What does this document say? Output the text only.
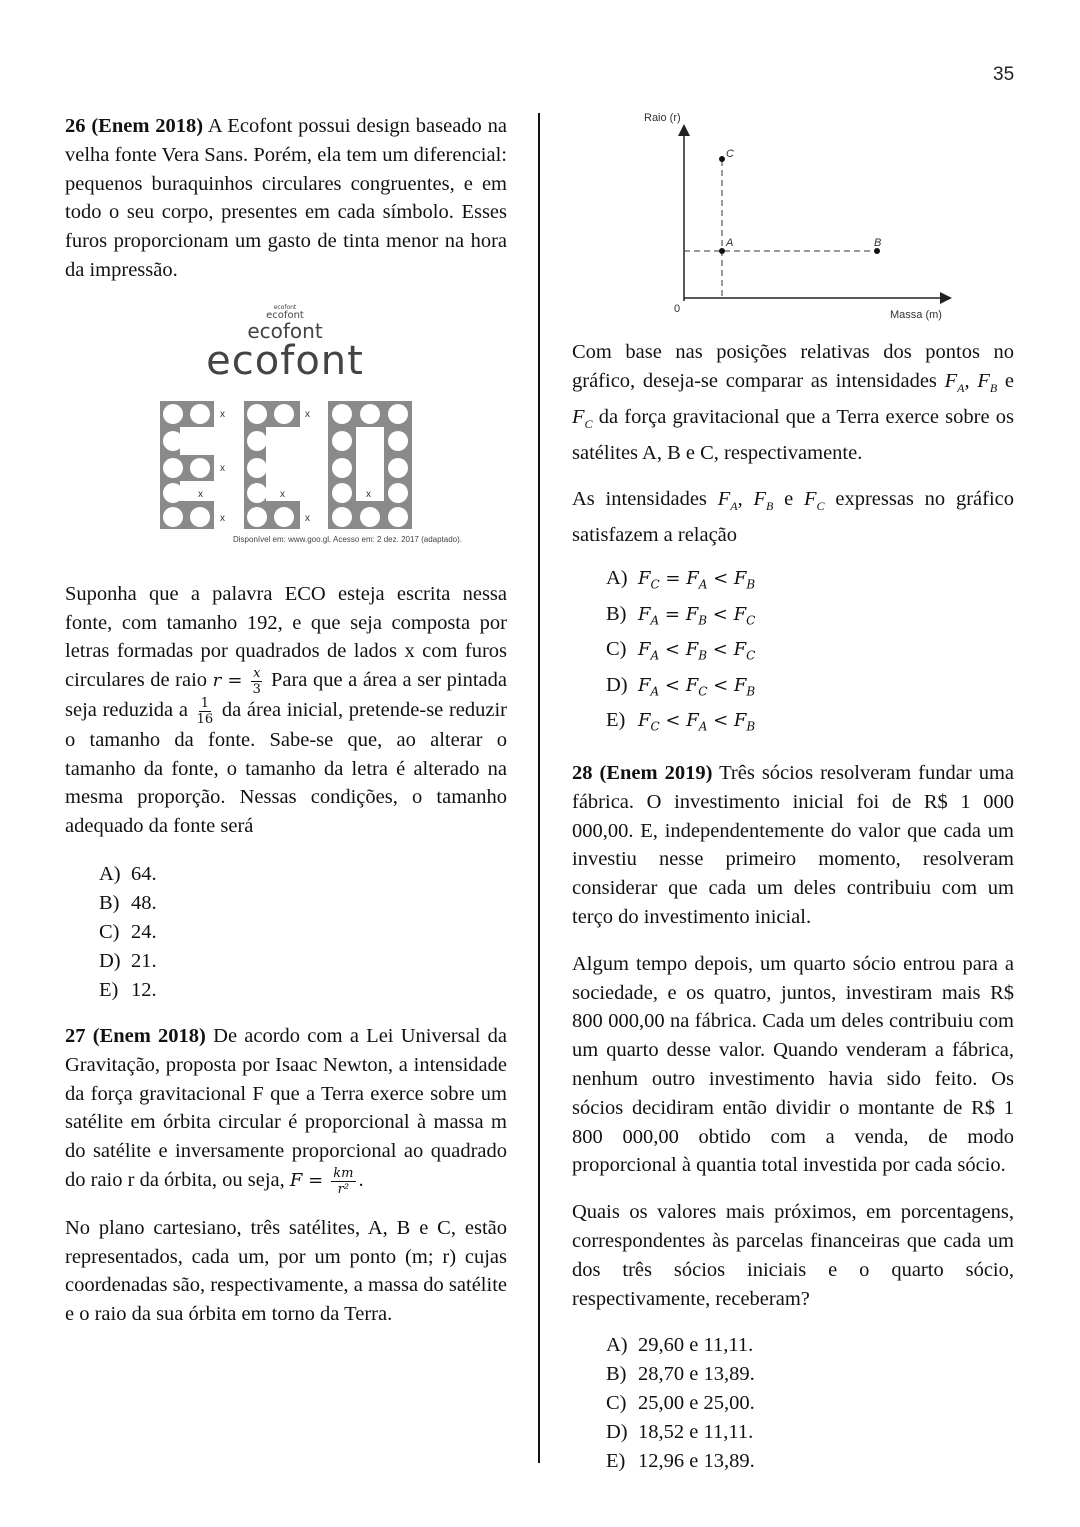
35

26 (Enem 2018) A Ecofont possui design baseado na velha fonte Vera Sans. Porém, ela tem um diferencial: pequenos buraquinhos circulares congruentes, e em todo o seu corpo, presentes em cada símbolo. Esses furos proporcionam um gasto de tinta menor na hora da impressão.

ecofont
ecofont
ecofont
ecofont
x
x
x
x
x
x
x
x
Disponível em: www.goo.gl. Acesso em: 2 dez. 2017 (adaptado).

Suponha que a palavra ECO esteja escrita nessa fonte, com tamanho 192, e que seja composta por letras formadas por quadrados de lados x com furos circulares de raio $r = \frac{x}{3}$ Para que a área a ser pintada seja reduzida a $\frac{1}{16}$ da área inicial, pretende-se reduzir o tamanho da fonte. Sabe-se que, ao alterar o tamanho da fonte, o tamanho da letra é alterado na mesma proporção. Nessas condições, o tamanho adequado da fonte será

A) 64.
B) 48.
C) 24.
D) 21.
E) 12.

27 (Enem 2018) De acordo com a Lei Universal da Gravitação, proposta por Isaac Newton, a intensidade da força gravitacional F que a Terra exerce sobre um satélite em órbita circular é proporcional à massa m do satélite e inversamente proporcional ao quadrado do raio r da órbita, ou seja, $F = \frac{km}{\text{r²}}$ .

No plano cartesiano, três satélites, A, B e C, estão representados, cada um, por um ponto (m; r) cujas coordenadas são, respectivamente, a massa do satélite e o raio da sua órbita em torno da Terra.

C
A	B
Raio (r)
0	Massa (m)

Com base nas posições relativas dos pontos no gráfico, deseja-se comparar as intensidades $F_A$, $F_B$ e $F_C$ da força gravitacional que a Terra exerce sobre os satélites A, B e C, respectivamente.

As intensidades $F_A$, $F_B$ e $F_C$ expressas no gráfico satisfazem a relação

A) $F_C = F_A < F_B$
B) $F_A = F_B < F_C$
C) $F_A < F_B < F_C$
D) $F_A < F_C < F_B$
E) $F_C < F_A < F_B$

28 (Enem 2019) Três sócios resolveram fundar uma fábrica. O investimento inicial foi de R$ 1 000 000,00. E, independentemente do valor que cada um investiu nesse primeiro momento, resolveram considerar que cada um deles contribuiu com um terço do investimento inicial.

Algum tempo depois, um quarto sócio entrou para a sociedade, e os quatro, juntos, investiram mais R$ 800 000,00 na fábrica. Cada um deles contribuiu com um quarto desse valor. Quando venderam a fábrica, nenhum outro investimento havia sido feito. Os sócios decidiram então dividir o montante de R$ 1 800 000,00 obtido com a venda, de modo proporcional à quantia total investida por cada sócio.

Quais os valores mais próximos, em porcentagens, correspondentes às parcelas financeiras que cada um dos três sócios iniciais e o quarto sócio, respectivamente, receberam?

A) 29,60 e 11,11.
B) 28,70 e 13,89.
C) 25,00 e 25,00.
D) 18,52 e 11,11.
E) 12,96 e 13,89.
